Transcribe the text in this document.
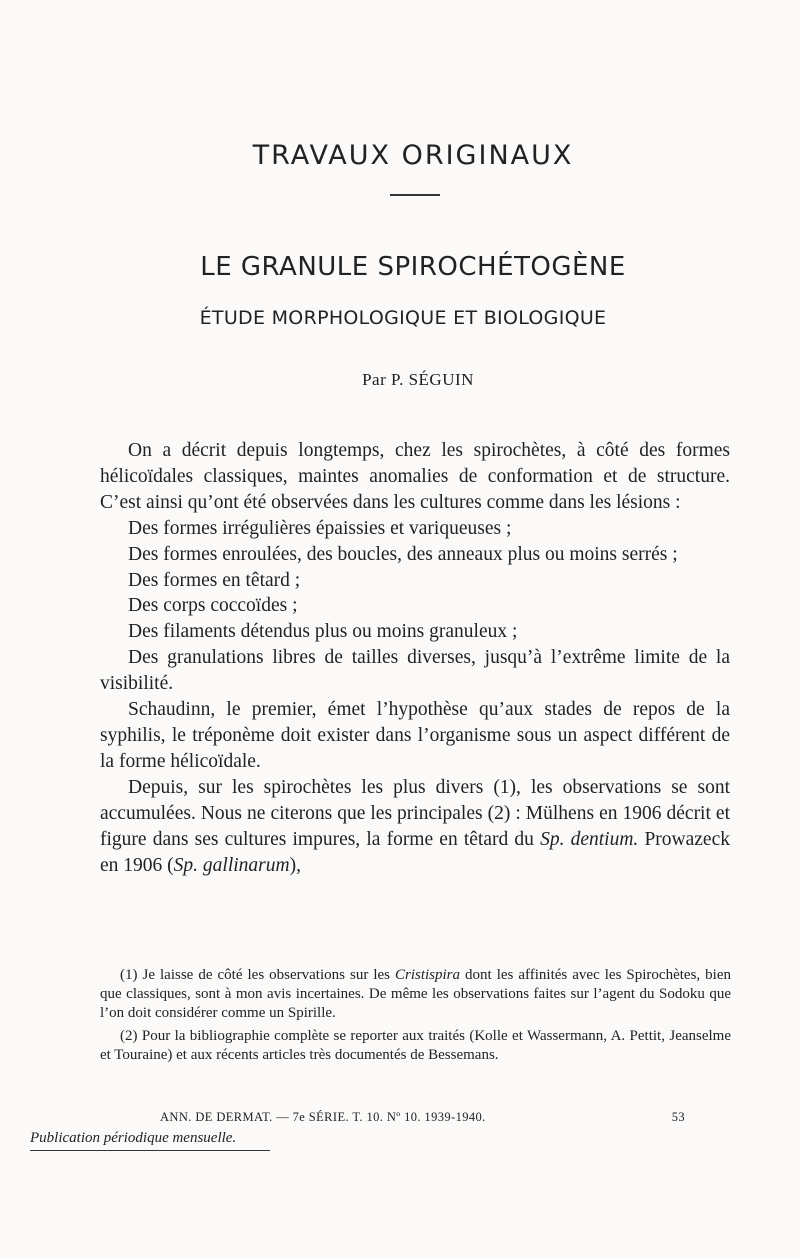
TRAVAUX ORIGINAUX
LE GRANULE SPIROCHÉTOGÈNE
ÉTUDE MORPHOLOGIQUE ET BIOLOGIQUE
Par P. SÉGUIN

On a décrit depuis longtemps, chez les spirochètes, à côté des formes hélicoïdales classiques, maintes anomalies de conformation et de structure. C’est ainsi qu’ont été observées dans les cultures comme dans les lésions :

Des formes irrégulières épaissies et variqueuses ;

Des formes enroulées, des boucles, des anneaux plus ou moins serrés ;

Des formes en têtard ;

Des corps coccoïdes ;

Des filaments détendus plus ou moins granuleux ;

Des granulations libres de tailles diverses, jusqu’à l’extrême limite de la visibilité.

Schaudinn, le premier, émet l’hypothèse qu’aux stades de repos de la syphilis, le tréponème doit exister dans l’organisme sous un aspect différent de la forme hélicoïdale.

Depuis, sur les spirochètes les plus divers (1), les observations se sont accumulées. Nous ne citerons que les principales (2) : Mülhens en 1906 décrit et figure dans ses cultures impures, la forme en têtard du Sp. dentium. Prowazeck en 1906 (Sp. gallinarum),

(1) Je laisse de côté les observations sur les Cristispira dont les affinités avec les Spirochètes, bien que classiques, sont à mon avis incertaines. De même les observations faites sur l’agent du Sodoku que l’on doit considérer comme un Spirille.

(2) Pour la bibliographie complète se reporter aux traités (Kolle et Wassermann, A. Pettit, Jeanselme et Touraine) et aux récents articles très documentés de Bessemans.

ANN. DE DERMAT. — 7e SÉRIE. T. 10. Nº 10. 1939-1940.	53
Publication périodique mensuelle.
